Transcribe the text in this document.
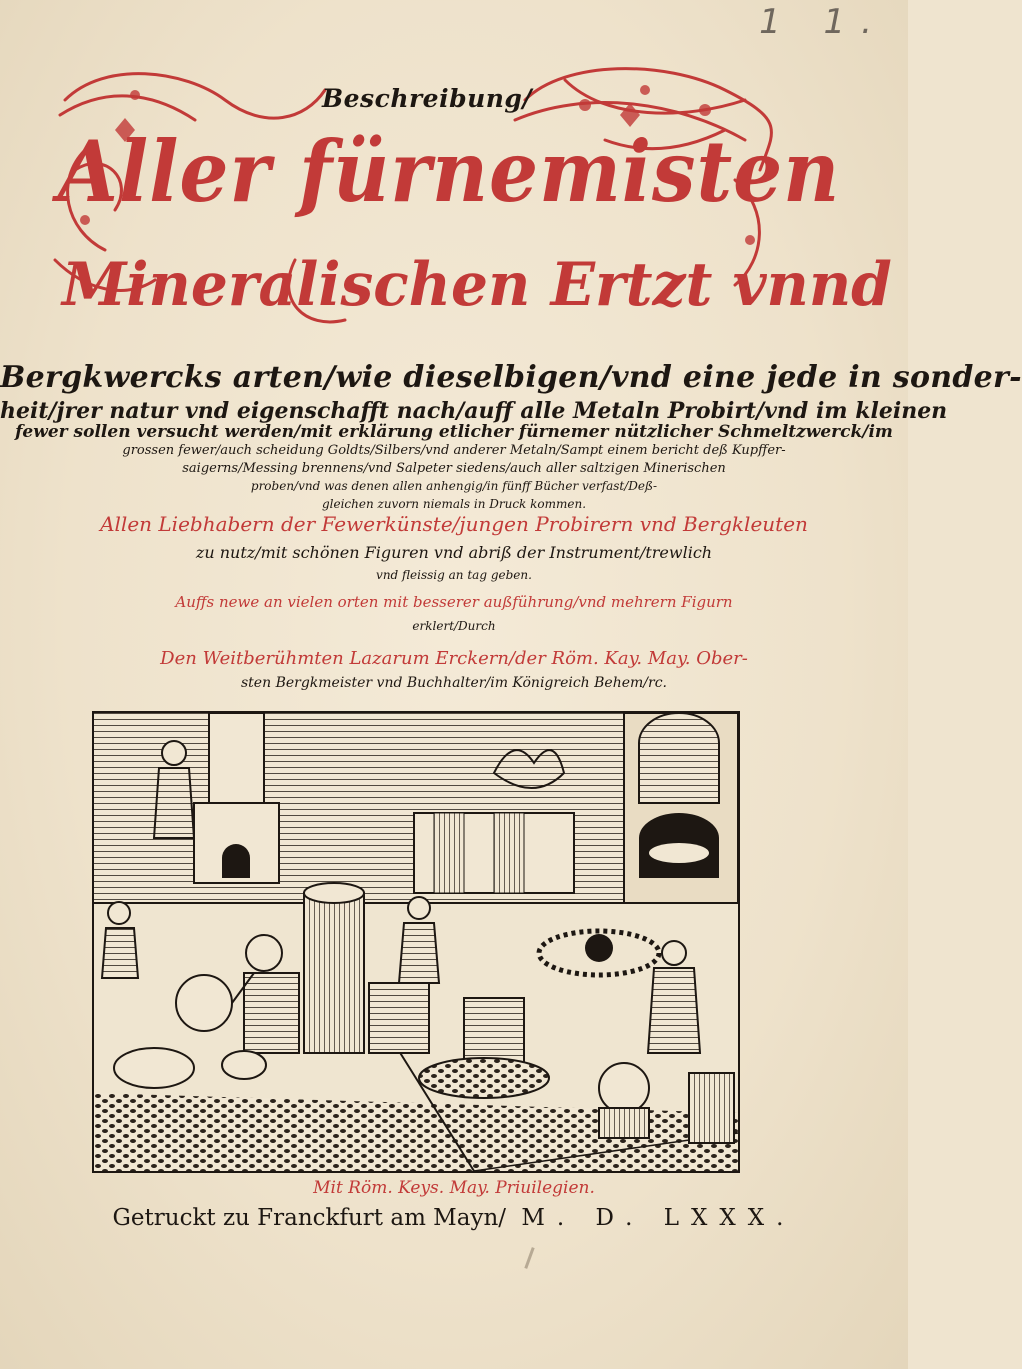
1 1.
Beschreibung/
Aller fürnemisten
Mineralischen Ertzt vnnd
Bergkwercks arten/wie dieselbigen/vnd eine jede in sonder-
heit/jrer natur vnd eigenschafft nach/auff alle Metaln Probirt/vnd im kleinen
fewer sollen versucht werden/mit erklärung etlicher fürnemer nützlicher Schmeltzwerck/im
grossen fewer/auch scheidung Goldts/Silbers/vnd anderer Metaln/Sampt einem bericht deß Kupffer-
saigerns/Messing brennens/vnd Salpeter siedens/auch aller saltzigen Minerischen
proben/vnd was denen allen anhengig/in fünff Bücher verfast/Deß-
gleichen zuvorn niemals in Druck kommen.
Allen Liebhabern der Fewerkünste/jungen Probirern vnd Bergkleuten
zu nutz/mit schönen Figuren vnd abriß der Instrument/trewlich
vnd fleissig an tag geben.
Auffs newe an vielen orten mit besserer außführung/vnd mehrern Figurn
erklert/Durch
Den Weitberühmten Lazarum Erckern/der Röm. Kay. May. Ober-
sten Bergkmeister vnd Buchhalter/im Königreich Behem/rc.
Mit Röm. Keys. May. Priuilegien.
Getruckt zu Franckfurt am Mayn/ M. D. LXXX.
